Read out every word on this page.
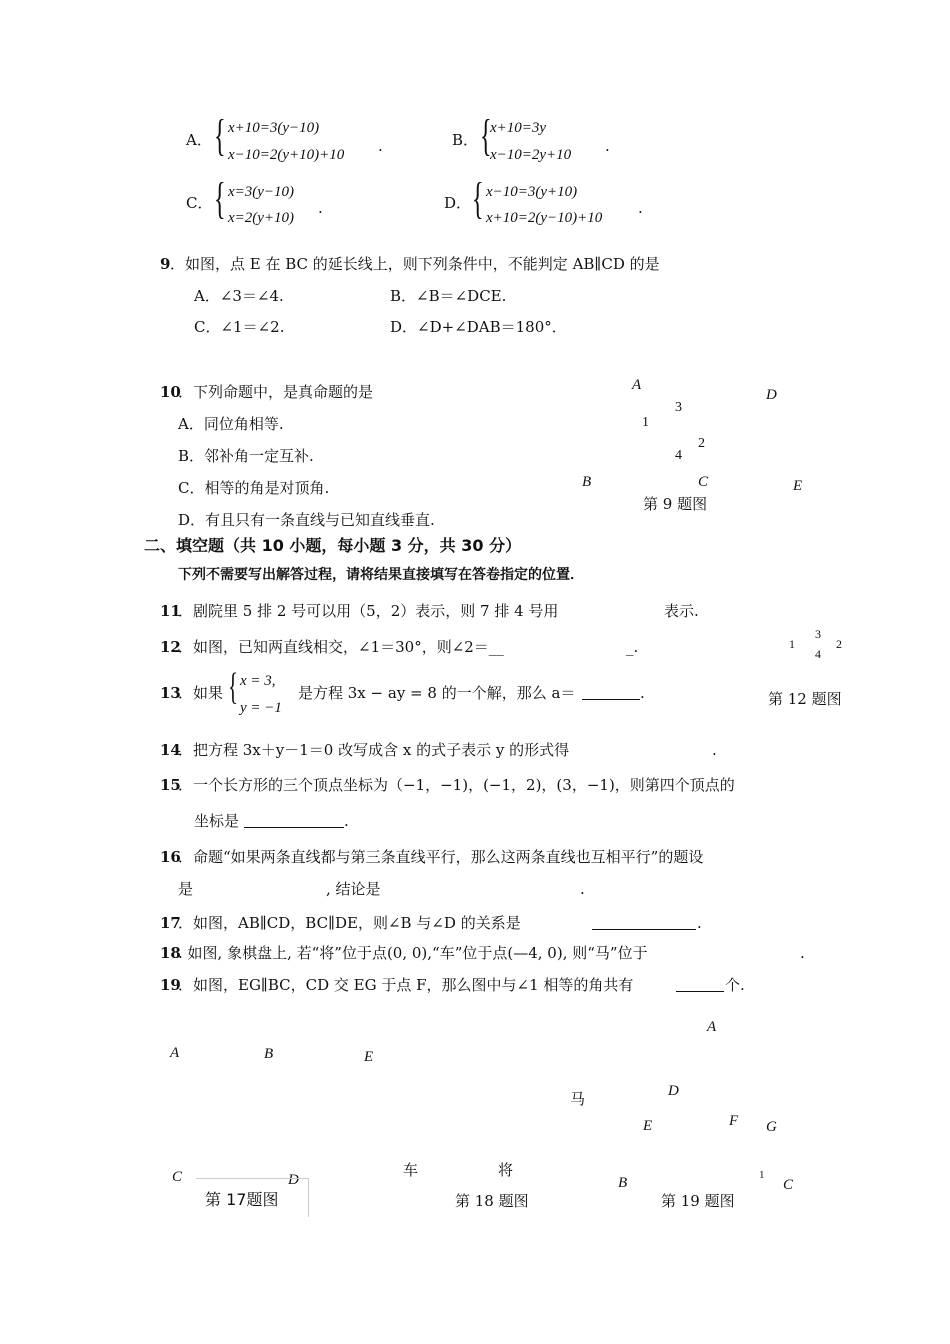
A． { x+10=3(y−10)
x−10=2(y+10)+10 .	B． {
x+10=3y
x−10=2y+10 .
C． { x=3(y−10)
x=2(y+10)
.	D． { x−10=3(y+10)
x+10=2(y−10)+10
.
9 ．如图，点 E 在 BC 的延长线上，则下列条件中，不能判定 AB∥CD 的是
A．∠3＝∠4.	B．∠B＝∠DCE.
C．∠1＝∠2.	D．∠D+∠DAB＝180°．
10
．下列命题中，是真命题的是
A．同位角相等.
B．邻补角一定互补.
C．相等的角是对顶角.
D．有且只有一条直线与已知直线垂直.
A
D
3
1
2
4
B	C	E
第 9 题图
二、填空题（共 10 小题，每小题 3 分，共 30 分）
下列不需要写出解答过程，请将结果直接填写在答卷指定的位置．
11
．剧院里 5 排 2 号可以用（5，2）表示，则 7 排 4 号用	表示.
12
．如图，已知两直线相交，∠1＝30°，则∠2＝__	_.	1
3
4
2
第 12 题图
13
．如果 { x = 3,
y = −1
是方程 3x − ay = 8 的一个解，那么 a＝	.
14
．把方程 3x＋y－1＝0 改写成含 x 的式子表示 y 的形式得	.
15
．一个长方形的三个顶点坐标为（−1，−1)，(−1，2)，(3，−1)，则第四个顶点的
坐标是	.
16
．命题“如果两条直线都与第三条直线平行，那么这两条直线也互相平行”的题设
是	, 结论是	.
17
．如图，AB∥CD，BC∥DE，则∠B 与∠D 的关系是	.
18
. 如图, 象棋盘上, 若“将”位于点(0, 0),“车”位于点(—4, 0), 则“马”位于	.
19
．如图，EG∥BC，CD 交 EG 于点 F，那么图中与∠1 相等的角共有	个.
A	B	E
C	D
第 17题图
马
车	将
第 18 题图
A
D
E	F G
B	1
C
第 19 题图
